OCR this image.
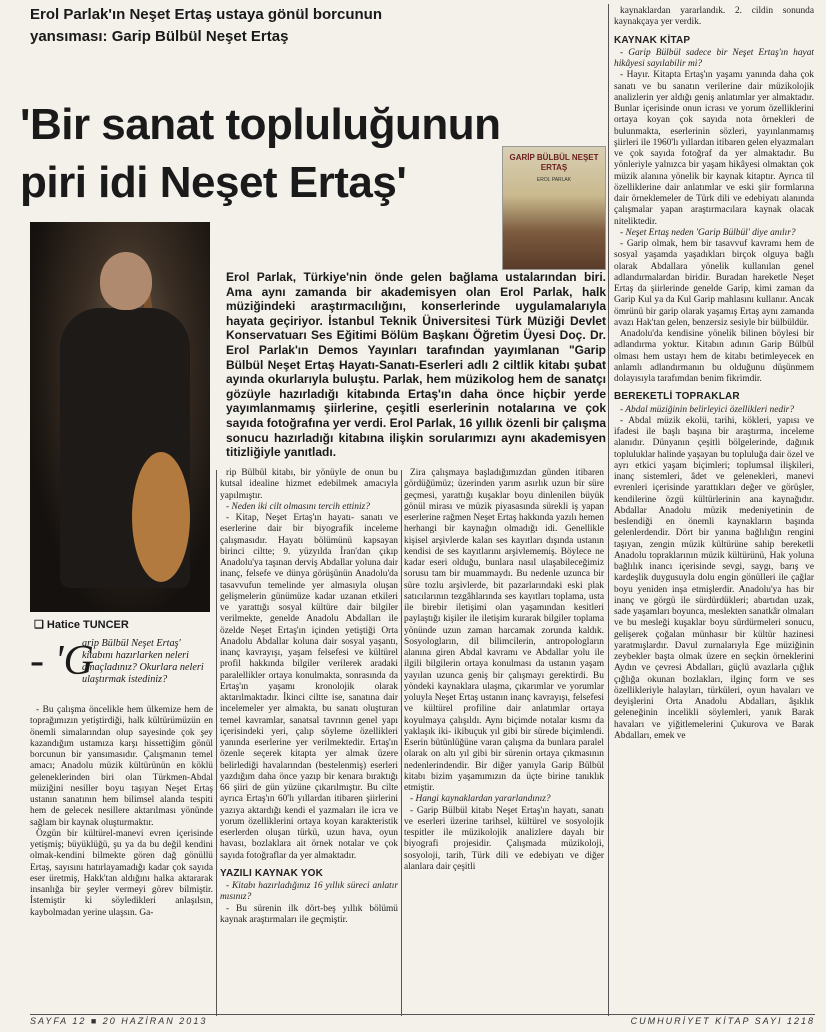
Erol Parlak'ın Neşet Ertaş ustaya gönül borcunun
yansıması: Garip Bülbül Neşet Ertaş
'Bir sanat topluluğunun
piri idi Neşet Ertaş'
GARİP BÜLBÜL NEŞET ERTAŞ
EROL PARLAK
Erol Parlak, Türkiye'nin önde gelen bağlama ustalarından biri. Ama aynı zamanda bir akademisyen olan Erol Parlak, halk müziğindeki araştırmacılığını, konserlerinde uygulamalarıyla hayata geçiriyor. İstanbul Teknik Üniversitesi Türk Müziği Devlet Konservatuarı Ses Eğitimi Bölüm Başkanı Öğretim Üyesi Doç. Dr. Erol Parlak'ın Demos Yayınları tarafından yayımlanan "Garip Bülbül Neşet Ertaş Hayatı-Sanatı-Eserleri adlı 2 ciltlik kitabı şubat ayında okurlarıyla buluştu. Parlak, hem müzikolog hem de sanatçı gözüyle hazırladığı kitabında Ertaş'ın daha önce hiçbir yerde yayımlanmamış şiirlerine, çeşitli eserlerinin notalarına ve çok sayıda fotoğrafına yer verdi. Erol Parlak, 16 yıllık özenli bir çalışma sonucu hazırladığı kitabına ilişkin sorularımızı aynı akademisyen titizliğiyle yanıtladı.
❑ Hatice TUNCER
- 'G
arip Bülbül Neşet Ertaş' kitabını hazırlarken neleri amaçladınız? Okurlara neleri ulaştırmak istediniz?

- Bu çalışma öncelikle hem ülkemize hem de toprağımızın yetiştirdiği, halk kültürümüzün en önemli simalarından olup sayesinde çok şey kazandığım ustamıza karşı hissettiğim gönül borcunun bir yansımasıdır. Çalışmanın temel amacı; Anadolu müzik kültürünün en köklü geleneklerinden biri olan Türkmen-Abdal müziğini nesiller boyu taşıyan Neşet Ertaş ustanın sanatının hem bilimsel alanda tespiti hem de gelecek nesillere aktarılması yönünde sağlam bir kaynak oluşturmaktır.

Özgün bir kültürel-manevi evren içerisinde yetişmiş; büyüklüğü, şu ya da bu değil kendini olmak-kendini bilmekte gören dağ gönüllü Ertaş, sayısını hatırlayamadığı kadar çok sayıda eser üretmiş, Hakk'tan aldığını halka aktararak insanlığa bir şeyler vermeyi görev bilmiştir. İstemiştir ki söyledikleri anlaşılsın, kaybolmadan yerine ulaşsın. Ga-

rip Bülbül kitabı, bir yönüyle de onun bu kutsal idealine hizmet edebilmek amacıyla yapılmıştır.

- Neden iki cilt olmasını tercih ettiniz?

- Kitap, Neşet Ertaş'ın hayatı- sanatı ve eserlerine dair bir biyografik inceleme çalışmasıdır. Hayatı bölümünü kapsayan birinci ciltte; 9. yüzyılda İran'dan çıkıp Anadolu'ya taşınan derviş Abdallar yoluna dair inanç, felsefe ve dünya görüşünün Anadolu'da tasavvufun temelinde yer almasıyla oluşan gelişmelerin günümüze kadar uzanan etkileri ve yarattığı sosyal kültüre dair bilgiler verilmekte, genelde Anadolu Abdalları ile özelde Neşet Ertaş'ın içinden yetiştiği Orta Anadolu Abdallar koluna dair sosyal yaşantı, inanç kavrayışı, yaşam felsefesi ve kültürel profil hakkında bilgiler verilerek aradaki paralellikler ortaya konulmakta, sonrasında da Ertaş'ın yaşamı kronolojik olarak aktarılmaktadır. İkinci ciltte ise, sanatına dair incelemeler yer almakta, bu sanatı oluşturan temel kavramlar, sanatsal tavrının genel yapı içerisindeki yeri, çalıp söyleme özellikleri yanında eserlerine yer verilmektedir. Ertaş'ın özenle seçerek kitapta yer almak üzere belirlediği havalarından (bestelenmiş) eserleri yazdığım daha önce yazıp bir kenara bıraktığı 66 şiiri de gün yüzüne çıkarılmıştır. Bu cilte ayrıca Ertaş'ın 60'lı yıllardan itibaren şiirlerini yazıya aktardığı kendi el yazmaları ile icra ve yorum özelliklerini ortaya koyan karakteristik eserlerden oluşan türkü, uzun hava, oyun havası, bozlaklara ait örnek notalar ve çok sayıda fotoğraflar da yer almaktadır.

YAZILI KAYNAK YOK

- Kitabı hazırladığınız 16 yıllık süreci anlatır mısınız?

- Bu sürenin ilk dört-beş yıllık bölümü kaynak araştırmaları ile geçmiştir.

Zira çalışmaya başladığımızdan günden itibaren gördüğümüz; üzerinden yarım asırlık uzun bir süre geçmesi, yarattığı kuşaklar boyu dinlenilen büyük gönül mirası ve müzik piyasasında sürekli iş yapan eserlerine rağmen Neşet Ertaş hakkında yazılı hemen herhangi bir kaynağın olmadığı idi. Genellikle kişisel arşivlerde kalan ses kayıtları dışında ustanın kendisi de ses kayıtlarını arşivlememiş. Böylece ne kadar eseri olduğu, bunlara nasıl ulaşabileceğimiz sorusu tam bir muammaydı. Bu nedenle uzunca bir süre tozlu arşivlerde, bit pazarlarındaki eski plak satıcılarının tezgâhlarında ses kayıtları toplama, usta ile birebir iletişimi olan yaşamından kesitleri paylaştığı kişiler ile iletişim kurarak bilgiler toplama yönünde uzun zaman harcamak zorunda kaldık. Sosyologların, dil bilimcilerin, antropologların alanına giren Abdal kavramı ve Abdallar yolu ile ilgili bilgilerin ortaya konulması da ustanın yaşam yayılan uzunca geniş bir çalışmayı gerektirdi. Bu yöndeki kaynaklara ulaşma, çıkarımlar ve yorumlar yoluyla Neşet Ertaş ustanın inanç kavrayışı, felsefesi ve kültürel profiline dair anlatımlar ortaya koyulmaya çalışıldı. Aynı biçimde notalar kısmı da yaklaşık iki- ikibuçuk yıl gibi bir sürede biçimlendi. Eserin bütünlüğüne varan çalışma da bunlara paralel olarak on altı yıl gibi bir sürenin ortaya çıkmasının nedenlerindendir. Bir diğer yanıyla Garip Bülbül kitabı bizim yaşamımızın da üçte birine tanıklık etmiştir.

- Hangi kaynaklardan yararlandınız?

- Garip Bülbül kitabı Neşet Ertaş'ın hayatı, sanatı ve eserleri üzerine tarihsel, kültürel ve sosyolojik tespitler ile müzikolojik analizlere dayalı bir biyografi projesidir. Çalışmada müzikoloji, sosyoloji, tarih, Türk dili ve edebiyatı ve diğer alanlara dair çeşitli

kaynaklardan yararlandık. 2. cildin sonunda kaynakçaya yer verdik.

KAYNAK KİTAP

- Garip Bülbül sadece bir Neşet Ertaş'ın hayat hikâyesi sayılabilir mi?

- Hayır. Kitapta Ertaş'ın yaşamı yanında daha çok sanatı ve bu sanatın verilerine dair müzikolojik analizlerin yer aldığı geniş anlatımlar yer almaktadır. Bunlar içerisinde onun icrası ve yorum özelliklerini ortaya koyan çok sayıda nota örnekleri de bulunmakta, eserlerinin sözleri, yayınlanmamış şiirleri ile 1960'lı yıllardan itibaren gelen elyazmaları ve çok sayıda fotoğraf da yer almaktadır. Bu yönleriyle yalnızca bir yaşam hikâyesi olmaktan çok müzik alanına yönelik bir kaynak kitaptır. Ayrıca til özelliklerine dair anlatımlar ve eski şiir formlarına dair örneklemeler de Türk dili ve edebiyatı alanında çalışmalar yapan araştırmacılara kaynak olacak niteliktedir.

- Neşet Ertaş neden 'Garip Bülbül' diye anılır?

- Garip olmak, hem bir tasavvuf kavramı hem de sosyal yaşamda yaşadıkları birçok olguya bağlı olarak Abdallara yönelik kullanılan genel adlandırmalardan biridir. Buradan hareketle Neşet Ertaş da şiirlerinde genelde Garip, kimi zaman da Garip Kul ya da Kul Garip mahlasını kullanır. Ancak ömrünü bir garip olarak yaşamış Ertaş aynı zamanda avazı Hak'tan gelen, benzersiz sesiyle bir bülbüldür.

Anadolu'da kendisine yönelik bilinen böylesi bir adlandırma yoktur. Kitabın adının Garip Bülbül olması hem ustayı hem de kitabı betimleyecek en anlamlı adlandırmanın bu olduğunu düşünmem dolayısıyla tarafımdan benim fikrimdir.

BEREKETLİ TOPRAKLAR

- Abdal müziğinin belirleyici özellikleri nedir?

- Abdal müzik ekolü, tarihi, kökleri, yapısı ve ifadesi ile başlı başına bir araştırma, inceleme alanıdır. Dünyanın çeşitli bölgelerinde, dağınık topluluklar halinde yaşayan bu topluluğa dair özel ve ayrı etkici yaşam biçimleri; toplumsal ilişkileri, inanç sistemleri, âdet ve gelenekleri, manevi evrenleri içerisinde yarattıkları değer ve görüşler, kendilerine özgü kültürlerinin ana kaynağıdır. Abdallar Anadolu müzik medeniyetinin de beslendiği en önemli kaynakların başında gelenlerdendir. Dört bir yanına bağlılığın rengini taşıyan, zengin müzik kültürüne sahip bereketli Anadolu topraklarının müzik kültürünü, Hak yoluna bağlılık inancı içerisinde sevgi, saygı, barış ve kardeşlik duygusuyla dolu engin gönülleri ile çağlar boyu yeniden inşa etmişlerdir. Anadolu'ya has bir inanç ve görgü ile sürdürdükleri; abartıdan uzak, sade yaşamları boyunca, meslekten sanatkâr olmaları ve bu mesleği kuşaklar boyu sürdürmeleri sonucu, gelişerek çoğalan münhasır bir kültür hazinesi yaratmışlardır. Davul zurnalarıyla Ege müziğinin zeybekler başta olmak üzere en seçkin örneklerini Aydın ve çevresi Abdalları, güçlü avazlarla çığlık çığlığa okunan bozlakları, ilginç form ve ses özellikleriyle halayları, türküleri, oyun havaları ve deyişlerini Orta Anadolu Abdalları, âşıklık geleneğinin incelikli söylemleri, yanık Barak havaları ve yiğitlemelerini Çukurova ve Barak Abdalları, emek ve

SAYFA 12 ■ 20 HAZİRAN 2013	CUMHURİYET KİTAP SAYI 1218
